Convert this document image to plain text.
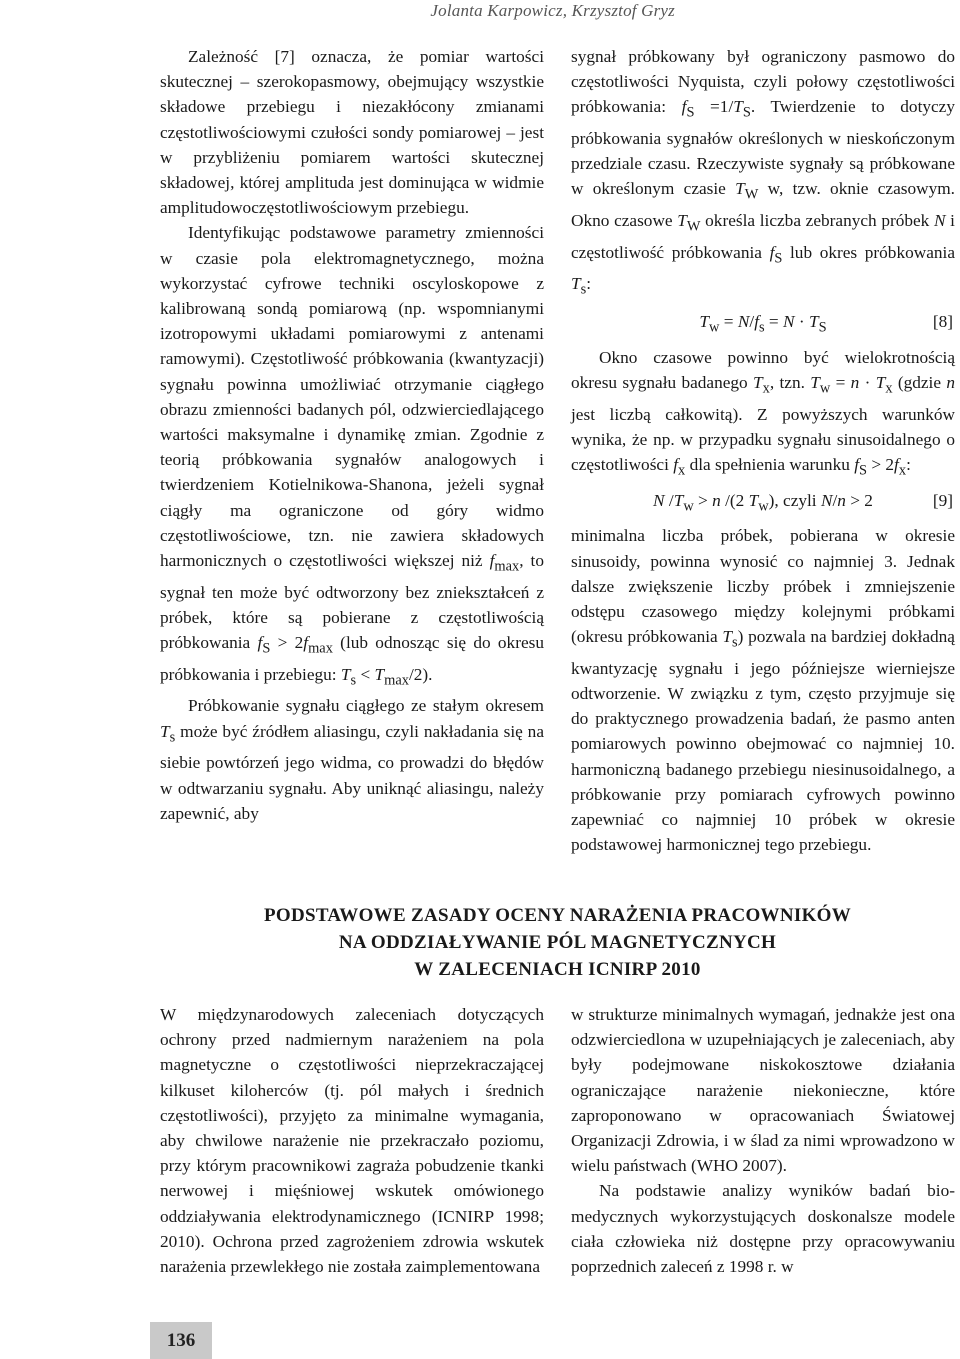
Jolanta Karpowicz, Krzysztof Gryz

Zależność [7] oznacza, że pomiar wartości skutecznej – szerokopasmowy, obejmujący wszystkie składowe przebiegu i niezakłócony zmianami częstotliwościowymi czułości sondy pomiarowej – jest w przybliżeniu pomiarem wartości skutecznej składowej, której amplituda jest dominująca w widmie amplitudowoczęstotliwościowym przebiegu.

Identyfikując podstawowe parametry zmienności w czasie pola elektromagnetycznego, można wykorzystać cyfrowe techniki oscyloskopowe z kalibrowaną sondą pomiarową (np. wspomnianymi izotropowymi układami pomiarowymi z antenami ramowymi). Częstotliwość próbkowania (kwantyzacji) sygnału powinna umożliwiać otrzymanie ciągłego obrazu zmienności badanych pól, odzwierciedlającego wartości maksymalne i dynamikę zmian. Zgodnie z teorią próbkowania sygnałów analogowych i twierdzeniem Kotielnikowa-Shanona, jeżeli sygnał ciągły ma ograniczone od góry widmo częstotliwościowe, tzn. nie zawiera składowych harmonicznych o częstotliwości większej niż $f_{max}$, to sygnał ten może być odtworzony bez zniekształceń z próbek, które są pobierane z częstotliwością próbkowania $f_S > 2f_{max}$ (lub odnosząc się do okresu próbkowania i przebiegu: $T_s < T_{max}/2$).

Próbkowanie sygnału ciągłego ze stałym okresem $T_s$ może być źródłem aliasingu, czyli nakładania się na siebie powtórzeń jego widma, co prowadzi do błędów w odtwarzaniu sygnału. Aby uniknąć aliasingu, należy zapewnić, aby

sygnał próbkowany był ograniczony pasmowo do częstotliwości Nyquista, czyli połowy częstotliwości próbkowania: $f_S =1/T_S$. Twierdzenie to dotyczy próbkowania sygnałów określonych w nieskończonym przedziale czasu. Rzeczywiste sygnały są próbkowane w określonym czasie $T_W$ w, tzw. oknie czasowym. Okno czasowe $T_W$ określa liczba zebranych próbek N i częstotliwość próbkowania $f_S$ lub okres próbkowania $T_s$:

$T_w = N/f_s = N \cdot T_S$	[8]

Okno czasowe powinno być wielokrotnością okresu sygnału badanego $T_x$, tzn. $T_w = n \cdot T_x$ (gdzie n jest liczbą całkowitą). Z powyższych warunków wynika, że np. w przypadku sygnału sinusoidalnego o częstotliwości $f_x$ dla spełnienia warunku $f_S > 2f_x$:

N $/T_w > n$ /(2 $T_w$), czyli N/n > 2	[9]

minimalna liczba próbek, pobierana w okresie sinusoidy, powinna wynosić co najmniej 3. Jednak dalsze zwiększenie liczby próbek i zmniejszenie odstępu czasowego między kolejnymi próbkami (okresu próbkowania $T_s$) pozwala na bardziej dokładną kwantyzację sygnału i jego późniejsze wierniejsze odtworzenie. W związku z tym, często przyjmuje się do praktycznego prowadzenia badań, że pasmo anten pomiarowych powinno obejmować co najmniej 10. harmoniczną badanego przebiegu niesinusoidalnego, a próbkowanie przy pomiarach cyfrowych powinno zapewniać co najmniej 10 próbek w okresie podstawowej harmonicznej tego przebiegu.

PODSTAWOWE ZASADY OCENY NARAŻENIA PRACOWNIKÓW
NA ODDZIAŁYWANIE PÓL MAGNETYCZNYCH
W ZALECENIACH ICNIRP 2010

W międzynarodowych zaleceniach dotyczących ochrony przed nadmiernym narażeniem na pola magnetyczne o częstotliwości nieprzekraczającej kilkuset kiloherców (tj. pól małych i średnich częstotliwości), przyjęto za minimalne wymagania, aby chwilowe narażenie nie przekraczało poziomu, przy którym pracownikowi zagraża pobudzenie tkanki nerwowej i mięśniowej wskutek omówionego oddziaływania elektrodynamicznego (ICNIRP 1998; 2010). Ochrona przed zagrożeniem zdrowia wskutek narażenia przewlekłego nie została zaimplementowana

w strukturze minimalnych wymagań, jednakże jest ona odzwierciedlona w uzupełniających je zaleceniach, aby były podejmowane niskokosztowe działania ograniczające narażenie niekonieczne, które zaproponowano w opracowaniach Światowej Organizacji Zdrowia, i w ślad za nimi wprowadzono w wielu państwach (WHO 2007).

Na podstawie analizy wyników badań biomedycznych wykorzystujących doskonalsze modele ciała człowieka niż dostępne przy opracowywaniu poprzednich zaleceń z 1998 r. w

136
